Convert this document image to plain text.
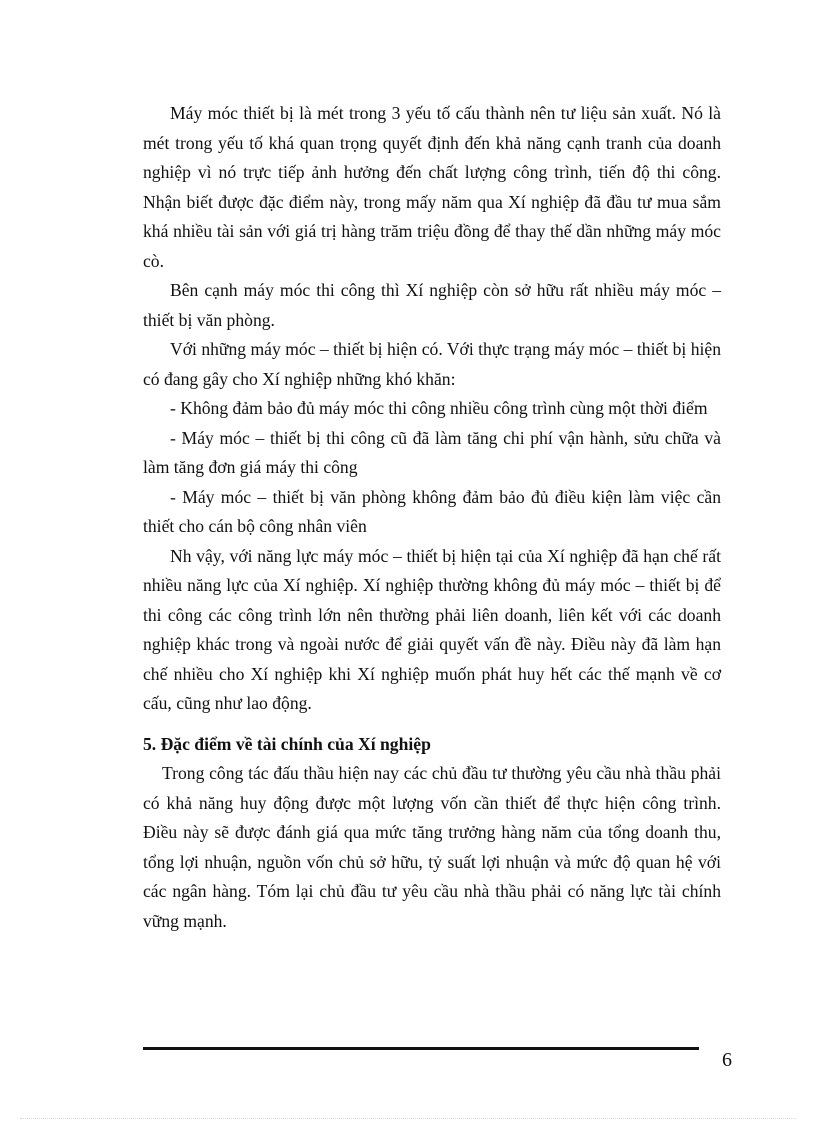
Máy móc thiết bị là mét trong 3 yếu tố cấu thành nên tư liệu sản xuất. Nó là mét trong yếu tố khá quan trọng quyết định đến khả năng cạnh tranh của doanh nghiệp vì nó trực tiếp ảnh hưởng đến chất lượng công trình, tiến độ thi công. Nhận biết được đặc điểm này, trong mấy năm qua Xí nghiệp đã đầu tư mua sắm khá nhiều tài sản với giá trị hàng trăm triệu đồng để thay thế dần những máy móc cò.

Bên cạnh máy móc thi công thì Xí nghiệp còn sở hữu rất nhiều máy móc – thiết bị văn phòng.

Với những máy móc – thiết bị hiện có. Với thực trạng máy móc – thiết bị hiện có đang gây cho Xí nghiệp những khó khăn:

- Không đảm bảo đủ máy móc thi công nhiều công trình cùng một thời điểm

- Máy móc – thiết bị thi công cũ đã làm tăng chi phí vận hành, sửu chữa và làm tăng đơn giá máy thi công

- Máy móc – thiết bị văn phòng không đảm bảo đủ điều kiện làm việc cần thiết cho cán bộ công nhân viên

Nh vậy, với năng lực máy móc – thiết bị hiện tại của Xí nghiệp đã hạn chế rất nhiều năng lực của Xí nghiệp. Xí nghiệp thường không đủ máy móc – thiết bị để thi công các công trình lớn nên thường phải liên doanh, liên kết với các doanh nghiệp khác trong và ngoài nước để giải quyết vấn đề này. Điều này đã làm hạn chế nhiều cho Xí nghiệp khi Xí nghiệp muốn phát huy hết các thế mạnh về cơ cấu, cũng như lao động.

5. Đặc điểm về tài chính của Xí nghiệp

Trong công tác đấu thầu hiện nay các chủ đầu tư thường yêu cầu nhà thầu phải có khả năng huy động được một lượng vốn cần thiết để thực hiện công trình. Điều này sẽ được đánh giá qua mức tăng trưởng hàng năm của tổng doanh thu, tổng lợi nhuận, nguồn vốn chủ sở hữu, tỷ suất lợi nhuận và mức độ quan hệ với các ngân hàng. Tóm lại chủ đầu tư yêu cầu nhà thầu phải có năng lực tài chính vững mạnh.

6
